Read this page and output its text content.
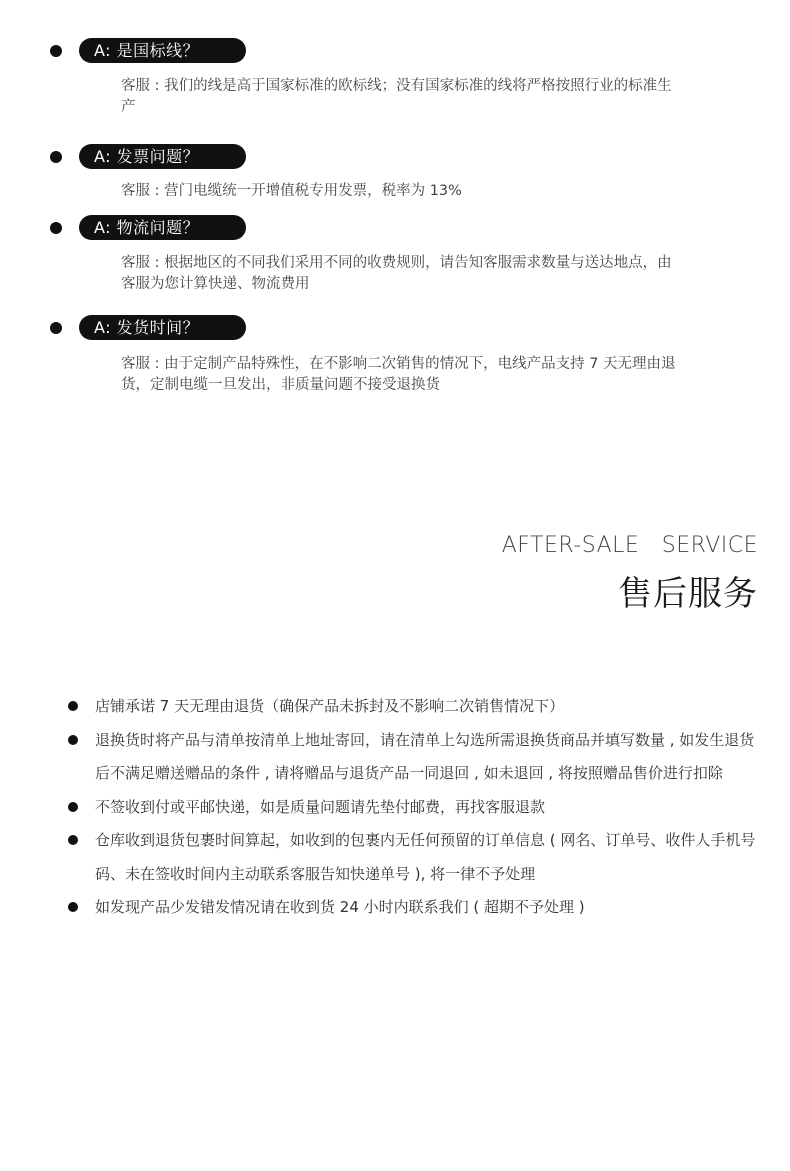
A: 是国标线？
客服 : 我们的线是高于国家标准的欧标线；没有国家标准的线将严格按照行业的标准生产
A: 发票问题？
客服 : 营门电缆统一开增值税专用发票，税率为 13%
A: 物流问题？
客服 : 根据地区的不同我们采用不同的收费规则，请告知客服需求数量与送达地点，由客服为您计算快递、物流费用
A: 发货时间？
客服 : 由于定制产品特殊性，在不影响二次销售的情况下，电线产品支持 7 天无理由退货，定制电缆一旦发出，非质量问题不接受退换货
AFTER-SALE   SERVICE
售后服务
店铺承诺 7 天无理由退货（确保产品未拆封及不影响二次销售情况下）
退换货时将产品与清单按清单上地址寄回，请在清单上勾选所需退换货商品并填写数量 , 如发生退货后不满足赠送赠品的条件 , 请将赠品与退货产品一同退回 , 如未退回 , 将按照赠品售价进行扣除
不签收到付或平邮快递，如是质量问题请先垫付邮费，再找客服退款
仓库收到退货包裹时间算起，如收到的包裹内无任何预留的订单信息 ( 网名、订单号、收件人手机号码、未在签收时间内主动联系客服告知快递单号 ), 将一律不予处理
如发现产品少发错发情况请在收到货 24 小时内联系我们 ( 超期不予处理 )
